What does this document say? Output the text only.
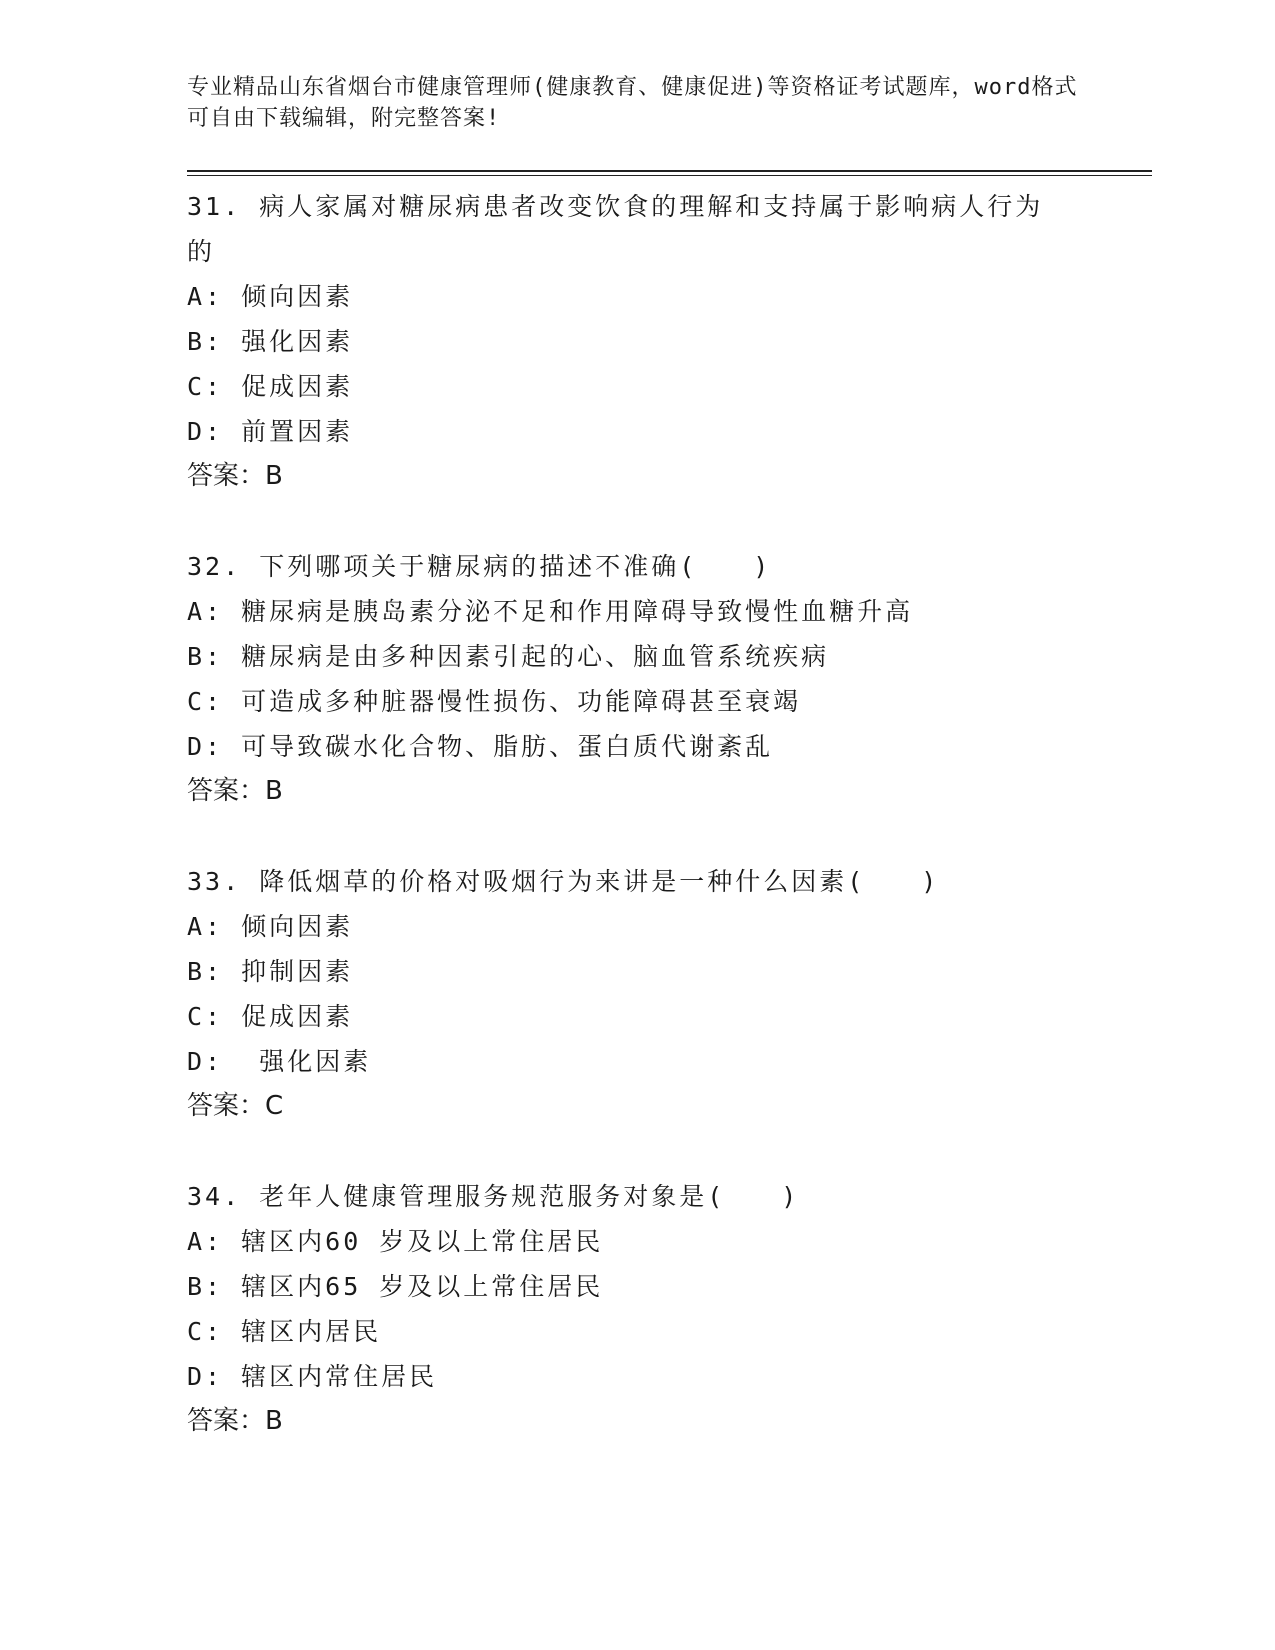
专业精品山东省烟台市健康管理师(健康教育、健康促进)等资格证考试题库，word格式可自由下载编辑，附完整答案!

31. 病人家属对糖尿病患者改变饮食的理解和支持属于影响病人行为的

A: 倾向因素

B: 强化因素

C: 促成因素

D: 前置因素

答案：B

32. 下列哪项关于糖尿病的描述不准确(　　)

A: 糖尿病是胰岛素分泌不足和作用障碍导致慢性血糖升高

B: 糖尿病是由多种因素引起的心、脑血管系统疾病

C: 可造成多种脏器慢性损伤、功能障碍甚至衰竭

D: 可导致碳水化合物、脂肪、蛋白质代谢紊乱

答案：B

33. 降低烟草的价格对吸烟行为来讲是一种什么因素(　　)

A: 倾向因素

B: 抑制因素

C: 促成因素

D:  强化因素

答案：C

34. 老年人健康管理服务规范服务对象是(　　)

A: 辖区内60 岁及以上常住居民

B: 辖区内65 岁及以上常住居民

C: 辖区内居民

D: 辖区内常住居民

答案：B
